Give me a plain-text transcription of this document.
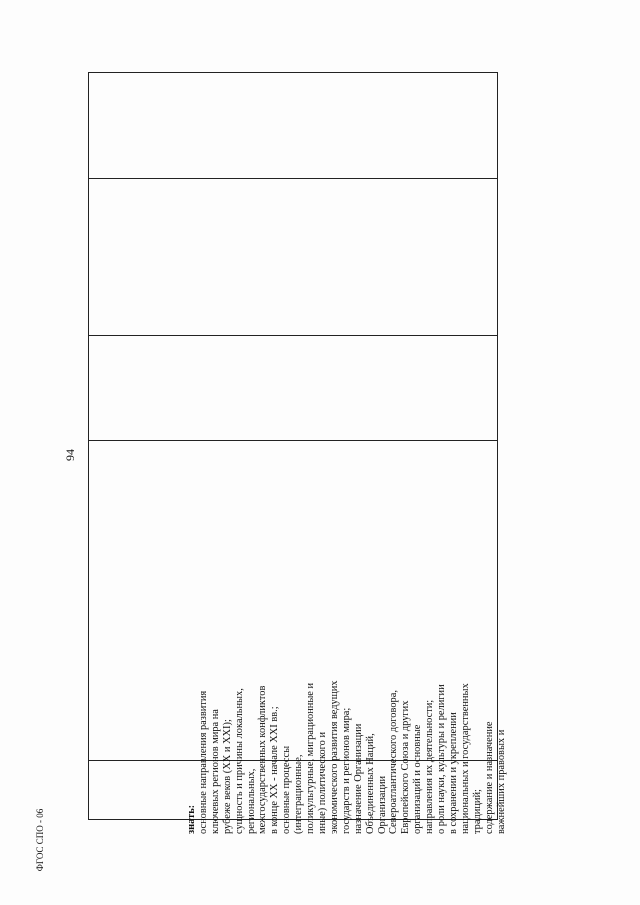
94
знать: основные направления развития ключевых регионов мира на рубеже веков (XX и XXI); сущность и причины локальных, региональных, межгосударственных конфликтов в конце XX - начале XXI вв.; основные процессы (интеграционные, поликультурные, миграционные и иные) политического и экономического развития ведущих государств и регионов мира; назначение Организации Объединенных Наций, Организации Североатлантического договора, Европейского Союза и других организаций и основные направления их деятельности; о роли науки, культуры и религии в сохранении и укреплении национальных и государственных традиций; содержание и назначение важнейших правовых и
ФГОС СПО - 06
